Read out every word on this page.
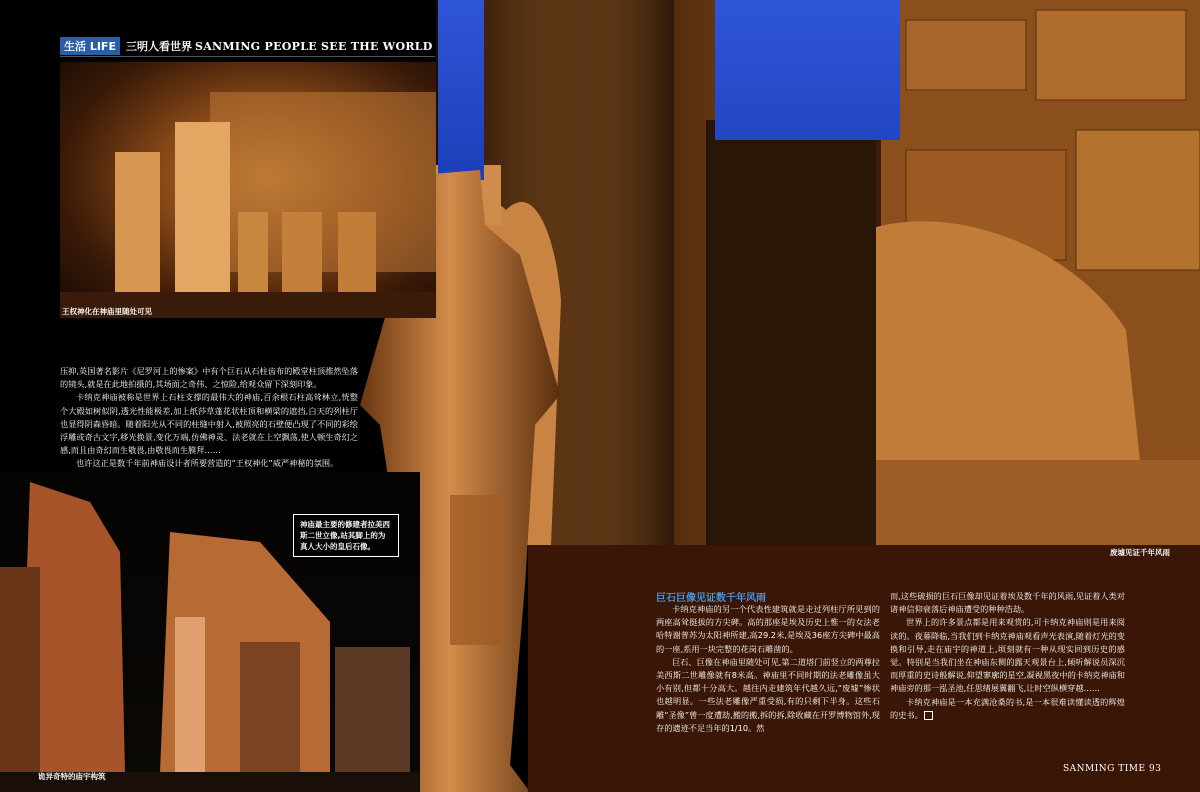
生活 LIFE 三明人看世界 SANMING PEOPLE SEE THE WORLD
王权神化在神庙里随处可见
诡异奇特的庙宇构筑
废墟见证千年风雨
神庙最主要的修建者拉美西斯二世立像,站其脚上的为真人大小的皇后石像。

压抑,英国著名影片《尼罗河上的惨案》中有个巨石从石柱齿布的殿堂柱顶推然坠落的镜头,就是在此地拍摄的,其场面之奇伟、之惊险,给观众留下深刻印象。

卡纳克神庙被称是世界上石柱支撑的最伟大的神庙,百余根石柱高耸林立,恍整个大殿如树似阴,透光性能极差,加上纸莎草蓬花状柱顶和横梁的遮挡,白天的列柱厅也显得阴森昏暗。随着阳光从不同的柱缝中射入,被照亮的石壁便凸现了不同的彩绘浮雕或奇古文字,移光换景,变化万端,仿佛神灵、法老就在上空飘荡,使人顿生奇幻之感,而且由奇幻而生敬畏,由敬畏而生膜拜……

也许这正是数千年前神庙设计者所要营造的“王权神化”威严神秘的氛围。

巨石巨像见证数千年风雨

卡纳克神庙的另一个代表性建筑就是走过列柱厅所见到的两座高耸挺拔的方尖碑。高的那座是埃及历史上惟一的女法老哈特谢普苏为太阳神所建,高29.2米,是埃及36座方尖碑中最高的一座,系用一块完整的花岗石雕凿的。

巨石、巨像在神庙里随处可见,第二道塔门前竖立的两尊拉美西斯二世雕像就有8米高。神庙里不同时期的法老雕像虽大小有别,但都十分高大。越往内走建筑年代越久远,“废墟”惨状也越明显。一些法老雕像严重受损,有的只剩下半身。这些石雕“圣像”曾一度遭劫,搬的搬,拆的拆,除收藏在开罗博物馆外,现存的遗迹不足当年的1/10。然

而,这些破损的巨石巨像却见证着埃及数千年的风雨,见证着人类对诸神信仰衰落后神庙遭受的种种浩劫。

世界上的许多景点都是用来观赏的,可卡纳克神庙则是用来阅读的。夜幕降临,当我们到卡纳克神庙观看声光表演,随着灯光的变换和引导,走在庙宇的神道上,顷刻就有一种从现实回到历史的感觉。特别是当我们坐在神庙东侧的露天观景台上,倾听解说员深沉而厚重的史诗般解说,仰望寥廓的星空,凝视黑夜中的卡纳克神庙和神庙旁的那一泓圣池,任思绪展翼翻飞,让时空纵横穿越……

卡纳克神庙是一本充满沧桑的书,是一本很难读懂读透的辉煌的史书。

SANMING TIME 93
